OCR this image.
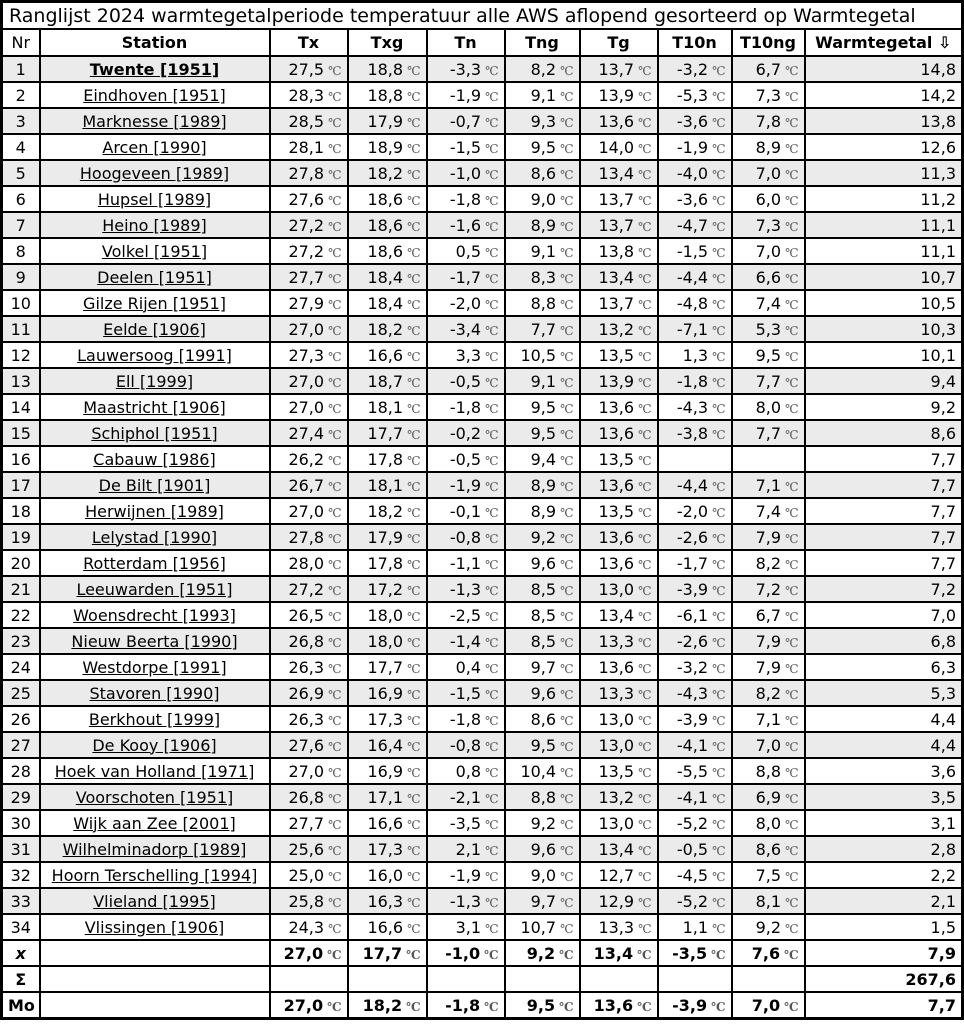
Ranglijst 2024 warmtegetalperiode temperatuur alle AWS aflopend gesorteerd op Warmtegetal									
Nr	Station	Tx	Txg	Tn	Tng	Tg	T10n	T10ng	Warmtegetal ⇩
1	Twente [1951]	27,5 ℃	18,8 ℃	-3,3 ℃	8,2 ℃	13,7 ℃	-3,2 ℃	6,7 ℃	14,8
2	Eindhoven [1951]	28,3 ℃	18,8 ℃	-1,9 ℃	9,1 ℃	13,9 ℃	-5,3 ℃	7,3 ℃	14,2
3	Marknesse [1989]	28,5 ℃	17,9 ℃	-0,7 ℃	9,3 ℃	13,6 ℃	-3,6 ℃	7,8 ℃	13,8
4	Arcen [1990]	28,1 ℃	18,9 ℃	-1,5 ℃	9,5 ℃	14,0 ℃	-1,9 ℃	8,9 ℃	12,6
5	Hoogeveen [1989]	27,8 ℃	18,2 ℃	-1,0 ℃	8,6 ℃	13,4 ℃	-4,0 ℃	7,0 ℃	11,3
6	Hupsel [1989]	27,6 ℃	18,6 ℃	-1,8 ℃	9,0 ℃	13,7 ℃	-3,6 ℃	6,0 ℃	11,2
7	Heino [1989]	27,2 ℃	18,6 ℃	-1,6 ℃	8,9 ℃	13,7 ℃	-4,7 ℃	7,3 ℃	11,1
8	Volkel [1951]	27,2 ℃	18,6 ℃	0,5 ℃	9,1 ℃	13,8 ℃	-1,5 ℃	7,0 ℃	11,1
9	Deelen [1951]	27,7 ℃	18,4 ℃	-1,7 ℃	8,3 ℃	13,4 ℃	-4,4 ℃	6,6 ℃	10,7
10	Gilze Rijen [1951]	27,9 ℃	18,4 ℃	-2,0 ℃	8,8 ℃	13,7 ℃	-4,8 ℃	7,4 ℃	10,5
11	Eelde [1906]	27,0 ℃	18,2 ℃	-3,4 ℃	7,7 ℃	13,2 ℃	-7,1 ℃	5,3 ℃	10,3
12	Lauwersoog [1991]	27,3 ℃	16,6 ℃	3,3 ℃	10,5 ℃	13,5 ℃	1,3 ℃	9,5 ℃	10,1
13	Ell [1999]	27,0 ℃	18,7 ℃	-0,5 ℃	9,1 ℃	13,9 ℃	-1,8 ℃	7,7 ℃	9,4
14	Maastricht [1906]	27,0 ℃	18,1 ℃	-1,8 ℃	9,5 ℃	13,6 ℃	-4,3 ℃	8,0 ℃	9,2
15	Schiphol [1951]	27,4 ℃	17,7 ℃	-0,2 ℃	9,5 ℃	13,6 ℃	-3,8 ℃	7,7 ℃	8,6
16	Cabauw [1986]	26,2 ℃	17,8 ℃	-0,5 ℃	9,4 ℃	13,5 ℃			7,7
17	De Bilt [1901]	26,7 ℃	18,1 ℃	-1,9 ℃	8,9 ℃	13,6 ℃	-4,4 ℃	7,1 ℃	7,7
18	Herwijnen [1989]	27,0 ℃	18,2 ℃	-0,1 ℃	8,9 ℃	13,5 ℃	-2,0 ℃	7,4 ℃	7,7
19	Lelystad [1990]	27,8 ℃	17,9 ℃	-0,8 ℃	9,2 ℃	13,6 ℃	-2,6 ℃	7,9 ℃	7,7
20	Rotterdam [1956]	28,0 ℃	17,8 ℃	-1,1 ℃	9,6 ℃	13,6 ℃	-1,7 ℃	8,2 ℃	7,7
21	Leeuwarden [1951]	27,2 ℃	17,2 ℃	-1,3 ℃	8,5 ℃	13,0 ℃	-3,9 ℃	7,2 ℃	7,2
22	Woensdrecht [1993]	26,5 ℃	18,0 ℃	-2,5 ℃	8,5 ℃	13,4 ℃	-6,1 ℃	6,7 ℃	7,0
23	Nieuw Beerta [1990]	26,8 ℃	18,0 ℃	-1,4 ℃	8,5 ℃	13,3 ℃	-2,6 ℃	7,9 ℃	6,8
24	Westdorpe [1991]	26,3 ℃	17,7 ℃	0,4 ℃	9,7 ℃	13,6 ℃	-3,2 ℃	7,9 ℃	6,3
25	Stavoren [1990]	26,9 ℃	16,9 ℃	-1,5 ℃	9,6 ℃	13,3 ℃	-4,3 ℃	8,2 ℃	5,3
26	Berkhout [1999]	26,3 ℃	17,3 ℃	-1,8 ℃	8,6 ℃	13,0 ℃	-3,9 ℃	7,1 ℃	4,4
27	De Kooy [1906]	27,6 ℃	16,4 ℃	-0,8 ℃	9,5 ℃	13,0 ℃	-4,1 ℃	7,0 ℃	4,4
28	Hoek van Holland [1971]	27,0 ℃	16,9 ℃	0,8 ℃	10,4 ℃	13,5 ℃	-5,5 ℃	8,8 ℃	3,6
29	Voorschoten [1951]	26,8 ℃	17,1 ℃	-2,1 ℃	8,8 ℃	13,2 ℃	-4,1 ℃	6,9 ℃	3,5
30	Wijk aan Zee [2001]	27,7 ℃	16,6 ℃	-3,5 ℃	9,2 ℃	13,0 ℃	-5,2 ℃	8,0 ℃	3,1
31	Wilhelminadorp [1989]	25,6 ℃	17,3 ℃	2,1 ℃	9,6 ℃	13,4 ℃	-0,5 ℃	8,6 ℃	2,8
32	Hoorn Terschelling [1994]	25,0 ℃	16,0 ℃	-1,9 ℃	9,0 ℃	12,7 ℃	-4,5 ℃	7,5 ℃	2,2
33	Vlieland [1995]	25,8 ℃	16,3 ℃	-1,3 ℃	9,7 ℃	12,9 ℃	-5,2 ℃	8,1 ℃	2,1
34	Vlissingen [1906]	24,3 ℃	16,6 ℃	3,1 ℃	10,7 ℃	13,3 ℃	1,1 ℃	9,2 ℃	1,5
x		27,0 ℃	17,7 ℃	-1,0 ℃	9,2 ℃	13,4 ℃	-3,5 ℃	7,6 ℃	7,9
Σ									267,6
Mo		27,0 ℃	18,2 ℃	-1,8 ℃	9,5 ℃	13,6 ℃	-3,9 ℃	7,0 ℃	7,7
